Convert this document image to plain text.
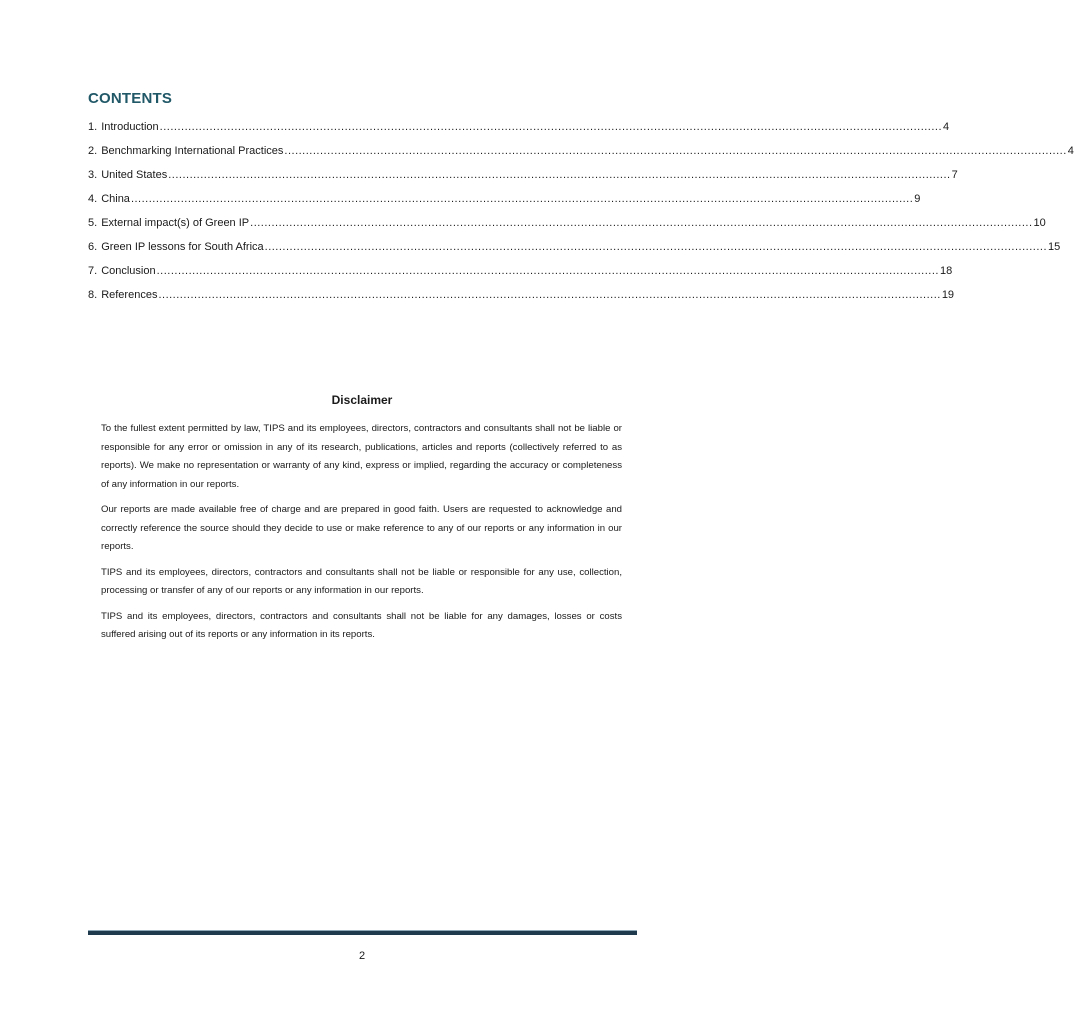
CONTENTS
1. Introduction ............................................................................................................................................................................................................................ 4
2. Benchmarking International Practices ............................................................................................................................................................................................................................ 4
3. United States ............................................................................................................................................................................................................................ 7
4. China ............................................................................................................................................................................................................................ 9
5. External impact(s) of Green IP ............................................................................................................................................................................................................................ 10
6. Green IP lessons for South Africa ............................................................................................................................................................................................................................ 15
7. Conclusion ............................................................................................................................................................................................................................ 18
8. References ............................................................................................................................................................................................................................ 19
Disclaimer

To the fullest extent permitted by law, TIPS and its employees, directors, contractors and consultants shall not be liable or responsible for any error or omission in any of its research, publications, articles and reports (collectively referred to as reports). We make no representation or warranty of any kind, express or implied, regarding the accuracy or completeness of any information in our reports.

Our reports are made available free of charge and are prepared in good faith. Users are requested to acknowledge and correctly reference the source should they decide to use or make reference to any of our reports or any information in our reports.

TIPS and its employees, directors, contractors and consultants shall not be liable or responsible for any use, collection, processing or transfer of any of our reports or any information in our reports.

TIPS and its employees, directors, contractors and consultants shall not be liable for any damages, losses or costs suffered arising out of its reports or any information in its reports.

2
